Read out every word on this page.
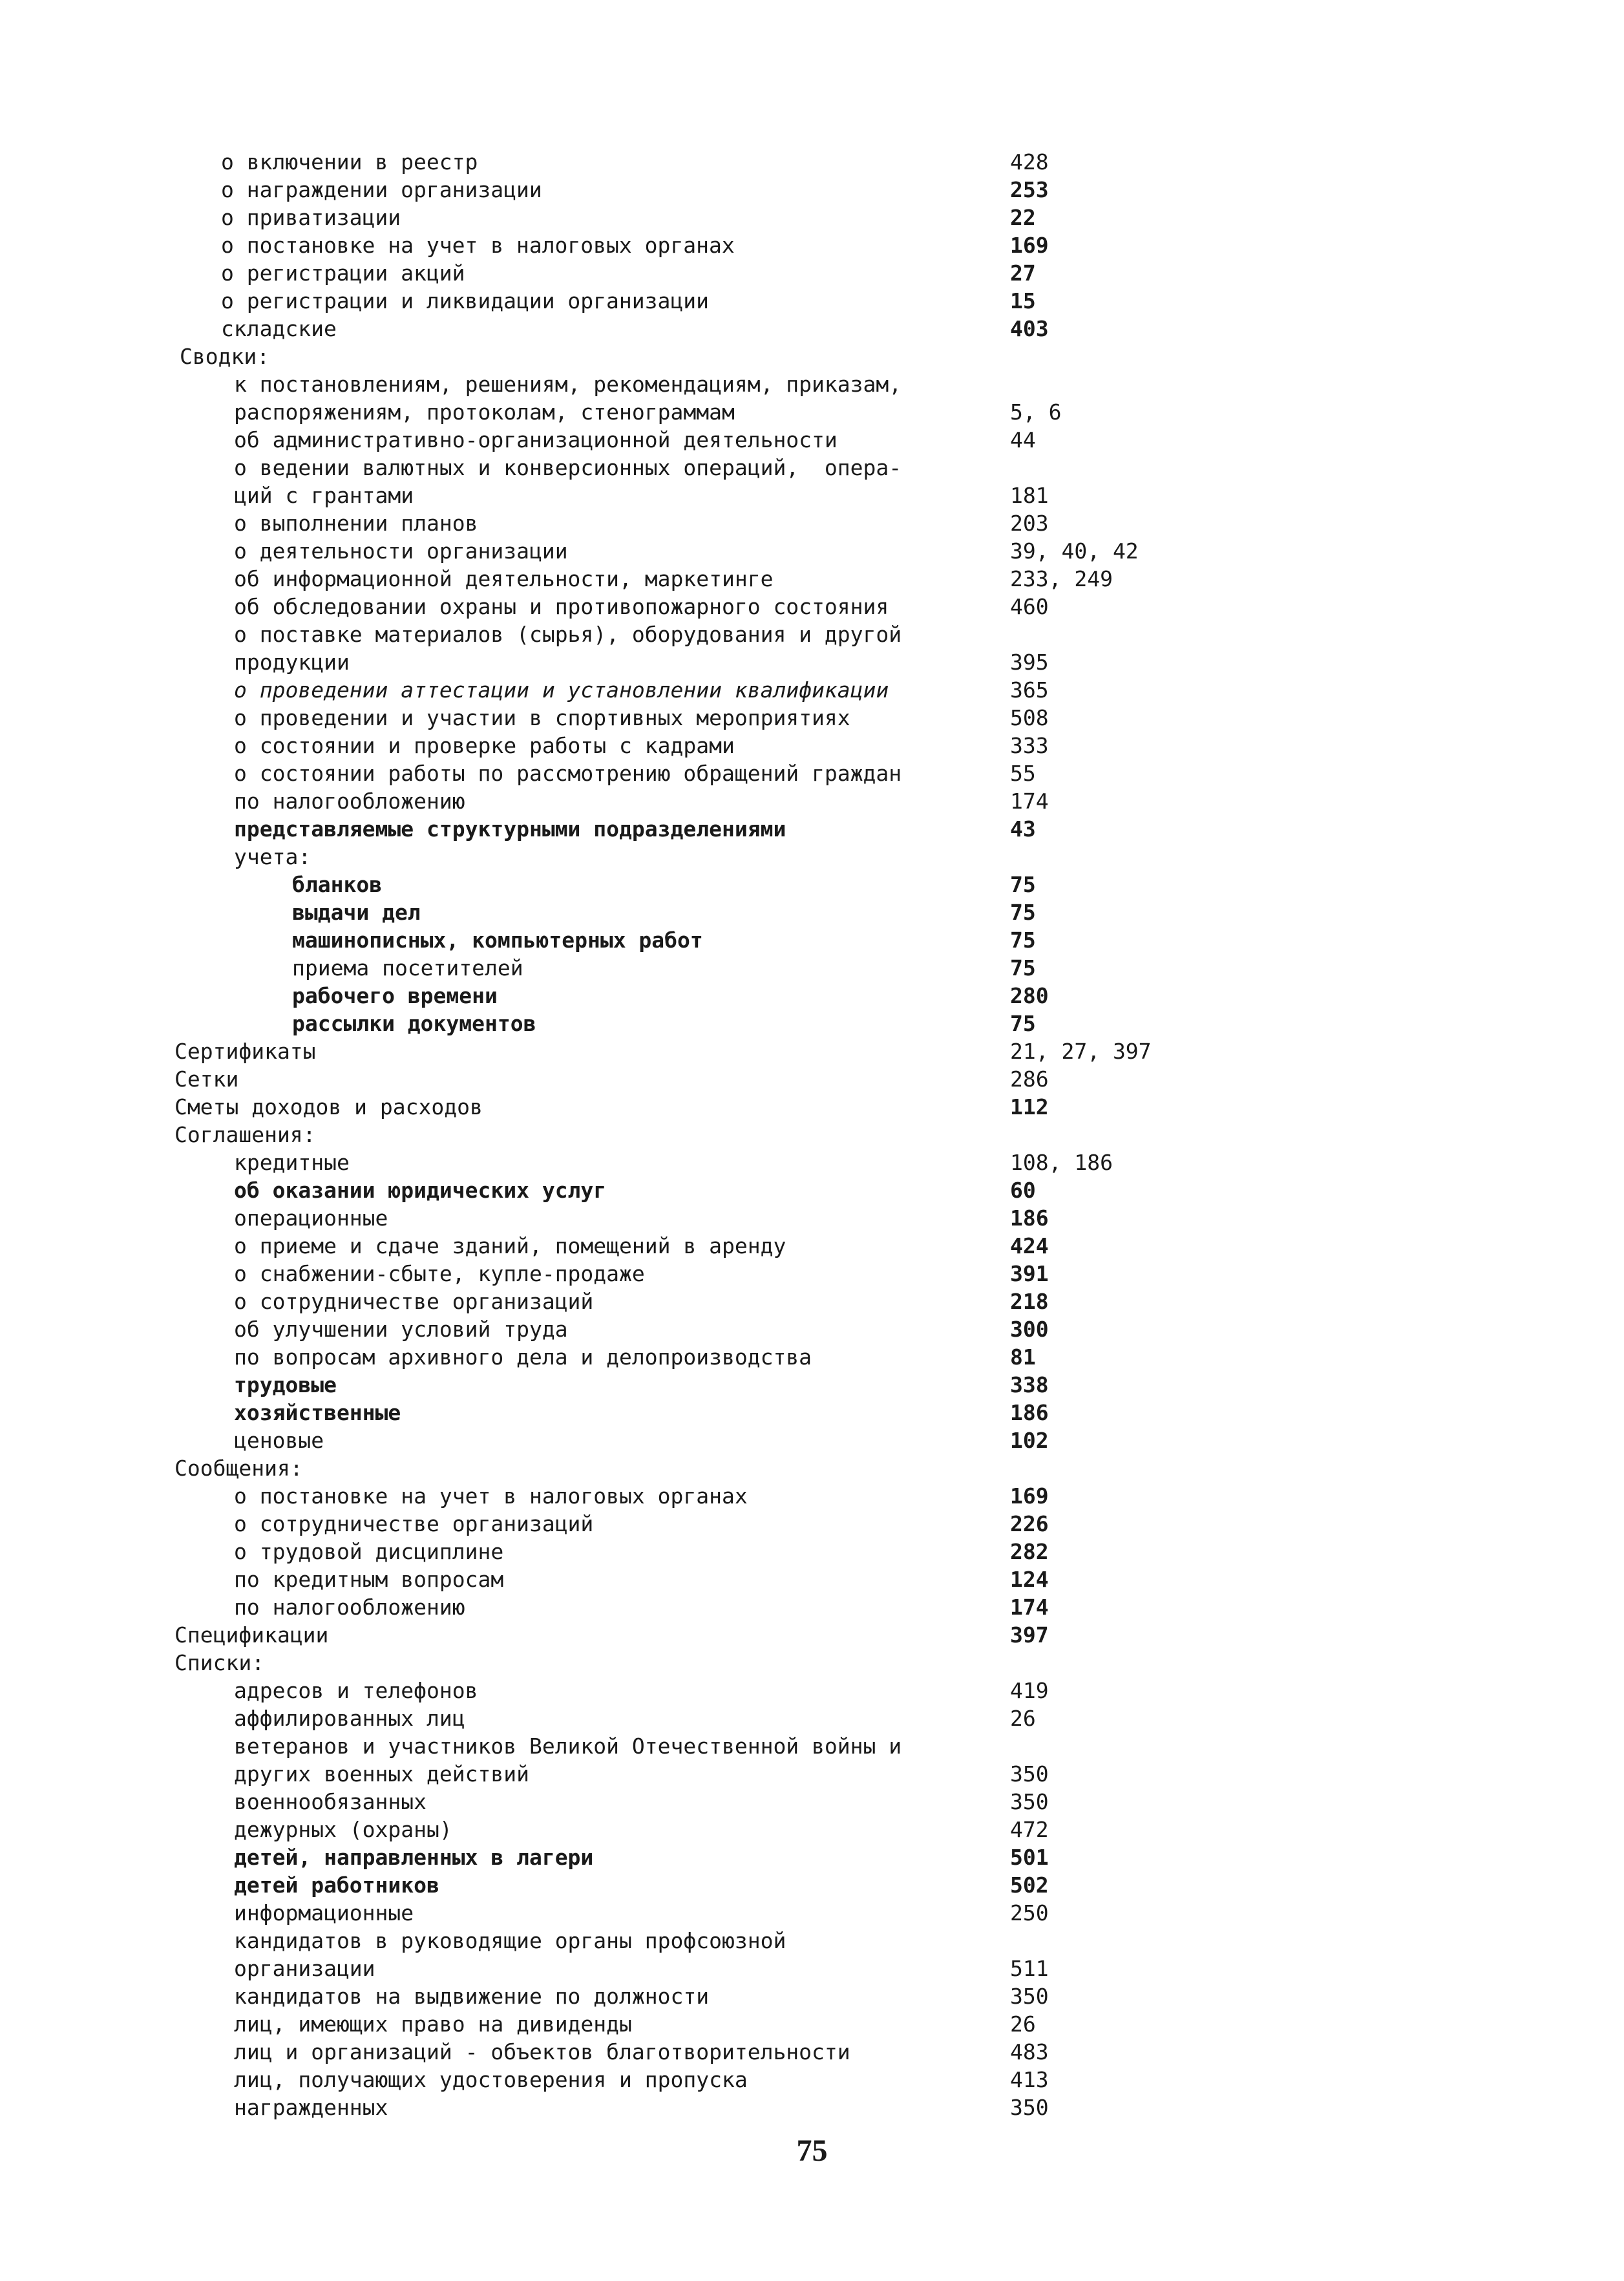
о включении в реестр	428
о награждении организации	253
о приватизации	22
о постановке на учет в налоговых органах	169
о регистрации акций	27
о регистрации и ликвидации организации	15
складские	403
Сводки:
к постановлениям, решениям, рекомендациям, приказам,
распоряжениям, протоколам, стенограммам	5, 6
об административно-организационной деятельности	44
о ведении валютных и конверсионных операций,  опера-
ций с грантами	181
о выполнении планов	203
о деятельности организации	39, 40, 42
об информационной деятельности, маркетинге	233, 249
об обследовании охраны и противопожарного состояния	460
о поставке материалов (сырья), оборудования и другой
продукции	395
о проведении аттестации и установлении квалификации	365
о проведении и участии в спортивных мероприятиях	508
о состоянии и проверке работы с кадрами	333
о состоянии работы по рассмотрению обращений граждан	55
по налогообложению	174
представляемые структурными подразделениями	43
учета:
бланков	75
выдачи дел	75
машинописных, компьютерных работ	75
приема посетителей	75
рабочего времени	280
рассылки документов	75
Сертификаты	21, 27, 397
Сетки	286
Сметы доходов и расходов	112
Соглашения:
кредитные	108, 186
об оказании юридических услуг	60
операционные	186
о приеме и сдаче зданий, помещений в аренду	424
о снабжении-сбыте, купле-продаже	391
о сотрудничестве организаций	218
об улучшении условий труда	300
по вопросам архивного дела и делопроизводства	81
трудовые	338
хозяйственные	186
ценовые	102
Сообщения:
о постановке на учет в налоговых органах	169
о сотрудничестве организаций	226
о трудовой дисциплине	282
по кредитным вопросам	124
по налогообложению	174
Спецификации	397
Списки:
адресов и телефонов	419
аффилированных лиц	26
ветеранов и участников Великой Отечественной войны и
других военных действий	350
военнообязанных	350
дежурных (охраны)	472
детей, направленных в лагери	501
детей работников	502
информационные	250
кандидатов в руководящие органы профсоюзной
организации	511
кандидатов на выдвижение по должности	350
лиц, имеющих право на дивиденды	26
лиц и организаций - объектов благотворительности	483
лиц, получающих удостоверения и пропуска	413
награжденных	350
75
